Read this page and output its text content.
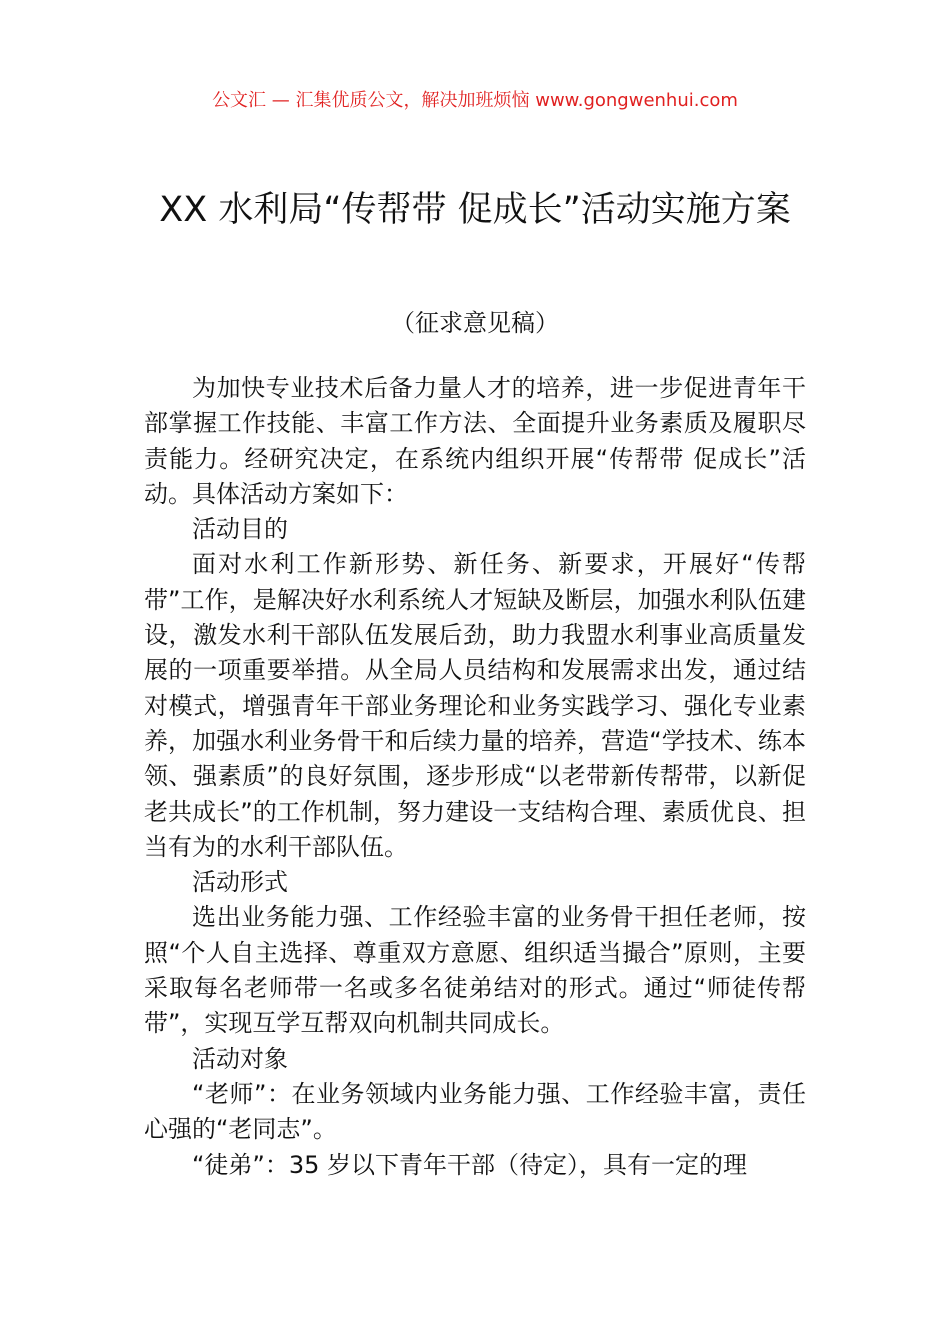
公文汇 — 汇集优质公文，解决加班烦恼 www.gongwenhui.com
XX 水利局“传帮带 促成长”活动实施方案
（征求意见稿）

为加快专业技术后备力量人才的培养，进一步促进青年干部掌握工作技能、丰富工作方法、全面提升业务素质及履职尽责能力。经研究决定，在系统内组织开展“传帮带 促成长”活动。具体活动方案如下：

活动目的

面对水利工作新形势、新任务、新要求，开展好“传帮带”工作，是解决好水利系统人才短缺及断层，加强水利队伍建设，激发水利干部队伍发展后劲，助力我盟水利事业高质量发展的一项重要举措。从全局人员结构和发展需求出发，通过结对模式，增强青年干部业务理论和业务实践学习、强化专业素养，加强水利业务骨干和后续力量的培养，营造“学技术、练本领、强素质”的良好氛围，逐步形成“以老带新传帮带，以新促老共成长”的工作机制，努力建设一支结构合理、素质优良、担当有为的水利干部队伍。

活动形式

选出业务能力强、工作经验丰富的业务骨干担任老师，按照“个人自主选择、尊重双方意愿、组织适当撮合”原则，主要采取每名老师带一名或多名徒弟结对的形式。通过“师徒传帮带”，实现互学互帮双向机制共同成长。

活动对象

“老师”：在业务领域内业务能力强、工作经验丰富，责任心强的“老同志”。

“徒弟”：35 岁以下青年干部（待定），具有一定的理
